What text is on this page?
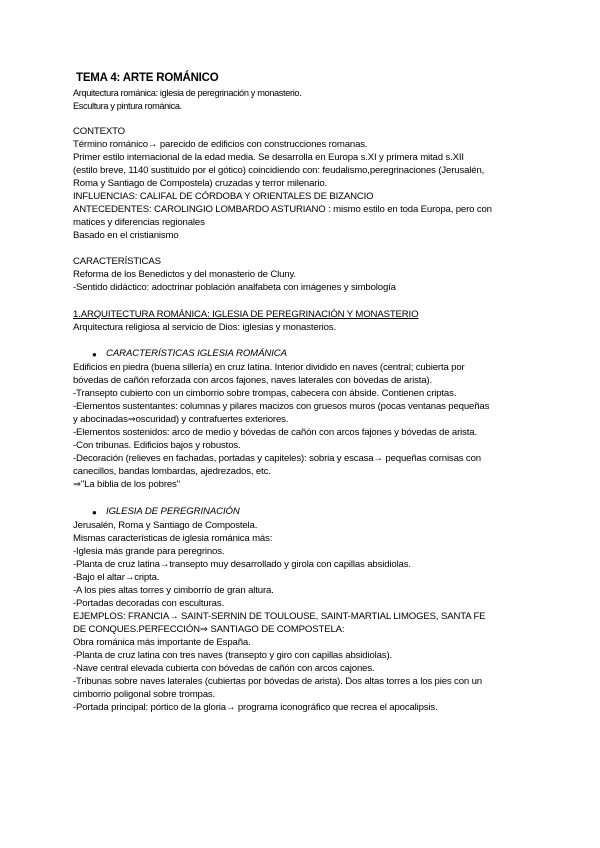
TEMA 4: ARTE ROMÁNICO
Arquitectura románica: iglesia de peregrinación y monasterio.
Escultura y pintura románica.
CONTEXTO
Término románico→ parecido de edificios con construcciones romanas.
Primer estilo internacional de la edad media. Se desarrolla en Europa s.XI y primera mitad s.XII
(estilo breve, 1140 sustituido por el gótico) coincidiendo con: feudalismo,peregrinaciones (Jerusalén,
Roma y Santiago de Compostela) cruzadas y terror milenario.
INFLUENCIAS: CALIFAL DE CÓRDOBA Y ORIENTALES DE BIZANCIO
ANTECEDENTES: CAROLINGIO LOMBARDO ASTURIANO : mismo estilo en toda Europa, pero con
matices y diferencias regionales
Basado en el cristianismo
CARACTERÍSTICAS
Reforma de los Benedictos y del monasterio de Cluny.
-Sentido didáctico: adoctrinar población analfabeta con imágenes y simbología
1.ARQUITECTURA ROMÁNICA: IGLESIA DE PEREGRINACIÓN Y MONASTERIO
Arquitectura religiosa al servicio de Dios: iglesias y monasterios.
● CARACTERÍSTICAS IGLESIA ROMÁNICA
Edificios en piedra (buena sillería) en cruz latina. Interior dividido en naves (central; cubierta por
bóvedas de cañón reforzada con arcos fajones, naves laterales con bóvedas de arista).
-Transepto cubierto con un cimborrio sobre trompas, cabecera con ábside. Contienen criptas.
-Elementos sustentantes: columnas y pilares macizos con gruesos muros (pocas ventanas pequeñas
y abocinadas⇒oscuridad) y contrafuertes exteriores.
-Elementos sostenidos: arco de medio y bóvedas de cañón con arcos fajones y bóvedas de arista.
-Con tribunas. Edificios bajos y robustos.
-Decoración (relieves en fachadas, portadas y capiteles): sobria y escasa→ pequeñas cornisas con
canecillos, bandas lombardas, ajedrezados, etc.
⇒"La biblia de los pobres"
● IGLESIA DE PEREGRINACIÓN
Jerusalén, Roma y Santiago de Compostela.
Mismas características de iglesia románica más:
-Iglesia más grande para peregrinos.
-Planta de cruz latina→transepto muy desarrollado y girola con capillas absidiolas.
-Bajo el altar→cripta.
-A los pies altas torres y cimborrio de gran altura.
-Portadas decoradas con esculturas.
EJEMPLOS: FRANCIA→ SAINT-SERNIN DE TOULOUSE, SAINT-MARTIAL LIMOGES, SANTA FE
DE CONQUES.PERFECCIÓN⇒ SANTIAGO DE COMPOSTELA:
Obra románica más importante de España.
-Planta de cruz latina con tres naves (transepto y giro con capillas absidiolas).
-Nave central elevada cubierta con bóvedas de cañón con arcos cajones.
-Tribunas sobre naves laterales (cubiertas por bóvedas de arista). Dos altas torres a los pies con un
cimborrio poligonal sobre trompas.
-Portada principal: pórtico de la gloria→ programa iconográfico que recrea el apocalipsis.
